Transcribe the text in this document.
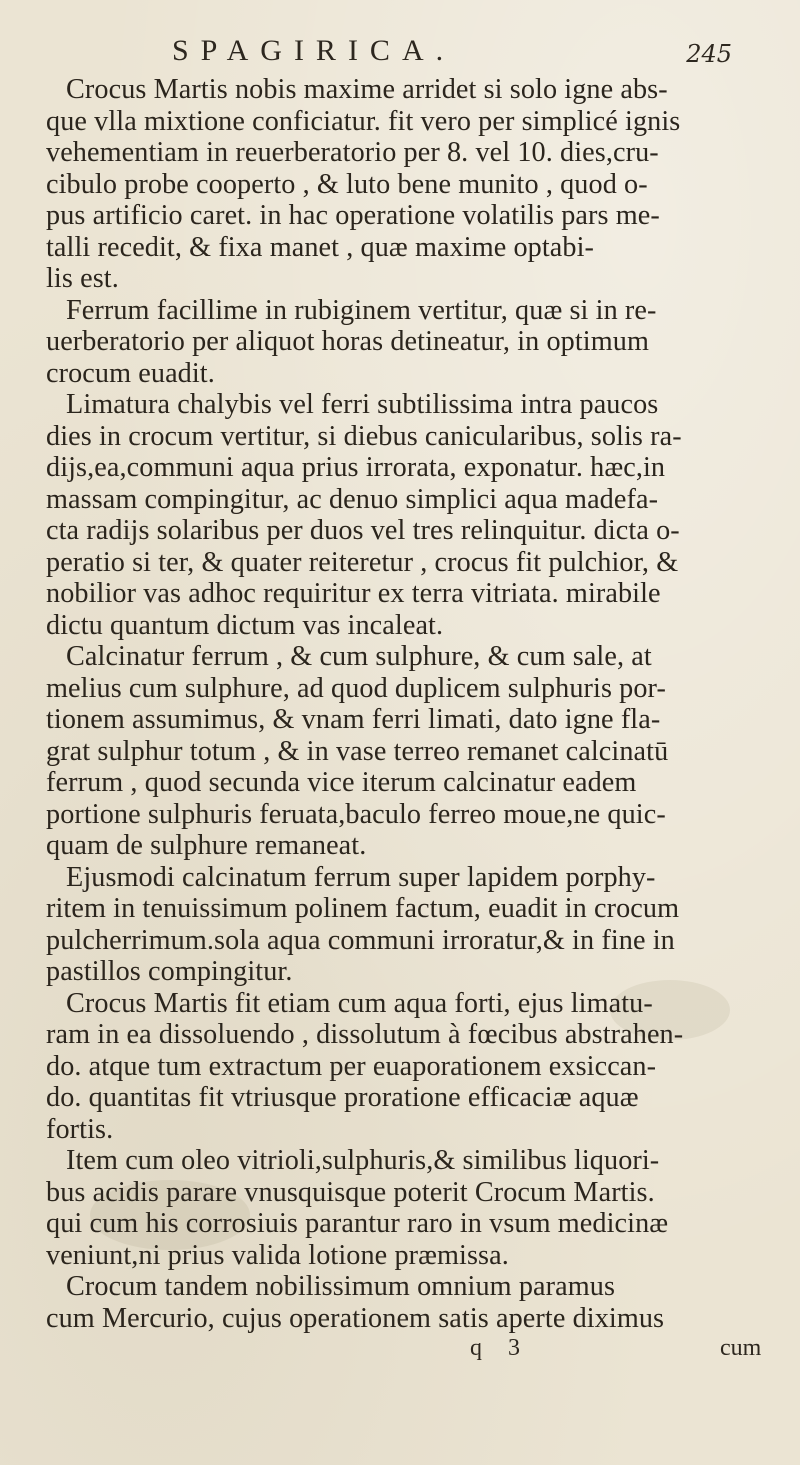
SPAGIRICA.	245
Crocus Martis nobis maxime arridet si solo igne abs-
que vlla mixtione conficiatur. fit vero per simplicé ignis
vehementiam in reuerberatorio per 8. vel 10. dies,cru-
cibulo probe cooperto , & luto bene munito , quod o-
pus artificio caret. in hac operatione volatilis pars me-
talli recedit, & fixa manet , quæ maxime optabi-
lis est.
Ferrum facillime in rubiginem vertitur, quæ si in re-
uerberatorio per aliquot horas detineatur, in optimum
crocum euadit.
Limatura chalybis vel ferri subtilissima intra paucos
dies in crocum vertitur, si diebus canicularibus, solis ra-
dijs,ea,communi aqua prius irrorata, exponatur. hæc,in
massam compingitur, ac denuo simplici aqua madefa-
cta radijs solaribus per duos vel tres relinquitur. dicta o-
peratio si ter, & quater reiteretur , crocus fit pulchior, &
nobilior vas adhoc requiritur ex terra vitriata. mirabile
dictu quantum dictum vas incaleat.
Calcinatur ferrum , & cum sulphure, & cum sale, at
melius cum sulphure, ad quod duplicem sulphuris por-
tionem assumimus, & vnam ferri limati, dato igne fla-
grat sulphur totum , & in vase terreo remanet calcinatū
ferrum , quod secunda vice iterum calcinatur eadem
portione sulphuris feruata,baculo ferreo moue,ne quic-
quam de sulphure remaneat.
Ejusmodi calcinatum ferrum super lapidem porphy-
ritem in tenuissimum polinem factum, euadit in crocum
pulcherrimum.sola aqua communi irroratur,& in fine in
pastillos compingitur.
Crocus Martis fit etiam cum aqua forti, ejus limatu-
ram in ea dissoluendo , dissolutum à fœcibus abstrahen-
do. atque tum extractum per euaporationem exsiccan-
do. quantitas fit vtriusque proratione efficaciæ aquæ
fortis.
Item cum oleo vitrioli,sulphuris,& similibus liquori-
bus acidis parare vnusquisque poterit Crocum Martis.
qui cum his corrosiuis parantur raro in vsum medicinæ
veniunt,ni prius valida lotione præmissa.
Crocum tandem nobilissimum omnium paramus
cum Mercurio, cujus operationem satis aperte diximus
q 3	cum
